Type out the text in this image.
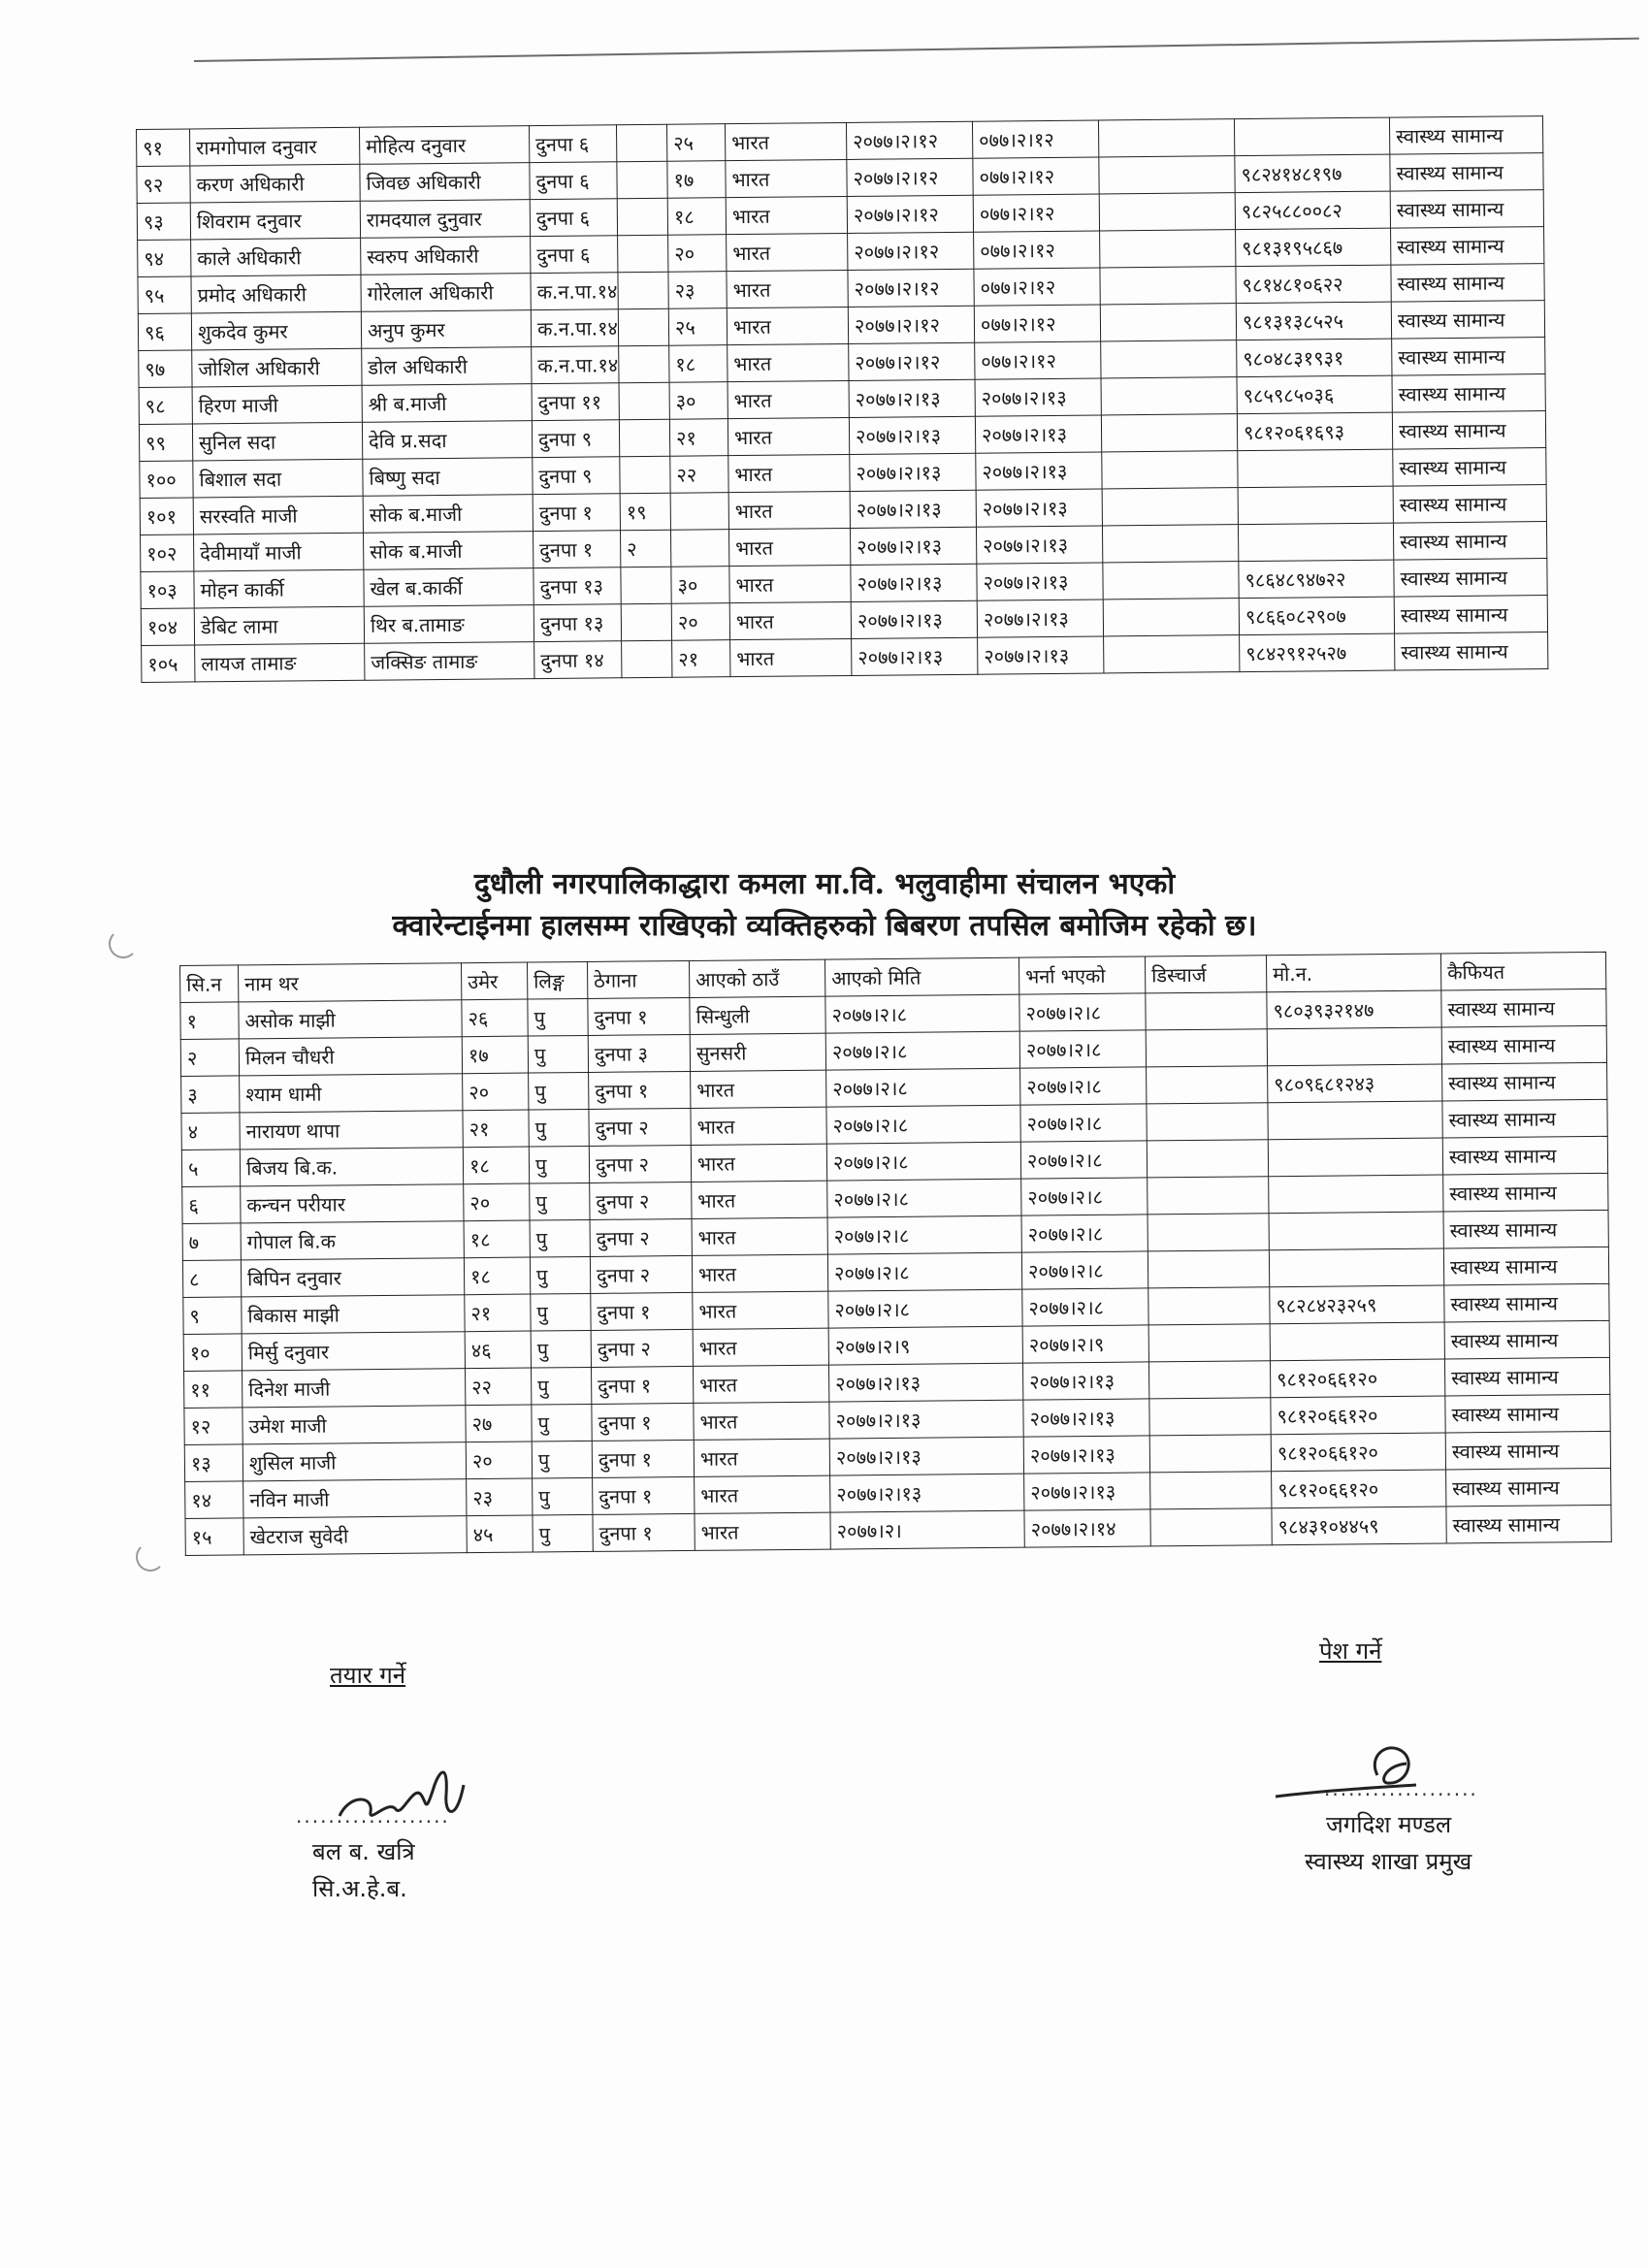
९१	रामगोपाल दनुवार	मोहित्य दनुवार	दुनपा ६		२५	भारत	२०७७।२।१२	०७७।२।१२			स्वास्थ्य सामान्य
९२	करण अधिकारी	जिवछ अधिकारी	दुनपा ६		१७	भारत	२०७७।२।१२	०७७।२।१२		९८२४१४८१९७	स्वास्थ्य सामान्य
९३	शिवराम दनुवार	रामदयाल दुनुवार	दुनपा ६		१८	भारत	२०७७।२।१२	०७७।२।१२		९८२५८८००८२	स्वास्थ्य सामान्य
९४	काले अधिकारी	स्वरुप अधिकारी	दुनपा ६		२०	भारत	२०७७।२।१२	०७७।२।१२		९८१३१९५८६७	स्वास्थ्य सामान्य
९५	प्रमोद अधिकारी	गोरेलाल अधिकारी	क.न.पा.१४		२३	भारत	२०७७।२।१२	०७७।२।१२		९८१४८१०६२२	स्वास्थ्य सामान्य
९६	शुकदेव कुमर	अनुप कुमर	क.न.पा.१४		२५	भारत	२०७७।२।१२	०७७।२।१२		९८१३१३८५२५	स्वास्थ्य सामान्य
९७	जोशिल अधिकारी	डोल अधिकारी	क.न.पा.१४		१८	भारत	२०७७।२।१२	०७७।२।१२		९८०४८३१९३१	स्वास्थ्य सामान्य
९८	हिरण माजी	श्री ब.माजी	दुनपा ११		३०	भारत	२०७७।२।१३	२०७७।२।१३		९८५९८५०३६	स्वास्थ्य सामान्य
९९	सुनिल सदा	देवि प्र.सदा	दुनपा ९		२१	भारत	२०७७।२।१३	२०७७।२।१३		९८१२०६१६९३	स्वास्थ्य सामान्य
१००	बिशाल सदा	बिष्णु सदा	दुनपा ९		२२	भारत	२०७७।२।१३	२०७७।२।१३			स्वास्थ्य सामान्य
१०१	सरस्वति माजी	सोक ब.माजी	दुनपा १	१९		भारत	२०७७।२।१३	२०७७।२।१३			स्वास्थ्य सामान्य
१०२	देवीमायाँ माजी	सोक ब.माजी	दुनपा १	२		भारत	२०७७।२।१३	२०७७।२।१३			स्वास्थ्य सामान्य
१०३	मोहन कार्की	खेल ब.कार्की	दुनपा १३		३०	भारत	२०७७।२।१३	२०७७।२।१३		९८६४८९४७२२	स्वास्थ्य सामान्य
१०४	डेबिट लामा	थिर ब.तामाङ	दुनपा १३		२०	भारत	२०७७।२।१३	२०७७।२।१३		९८६६०८२९०७	स्वास्थ्य सामान्य
१०५	लायज तामाङ	जक्सिङ तामाङ	दुनपा १४		२१	भारत	२०७७।२।१३	२०७७।२।१३		९८४२९१२५२७	स्वास्थ्य सामान्य
दुधौली नगरपालिकाद्धारा कमला मा.वि. भलुवाहीमा संचालन भएको
क्वारेन्टाईनमा हालसम्म राखिएको व्यक्तिहरुको बिबरण तपसिल बमोजिम रहेको छ।
सि.न	नाम थर	उमेर	लिङ्ग	ठेगाना	आएको ठाउँ	आएको मिति	भर्ना भएको	डिस्चार्ज	मो.न.	कैफियत
१	असोक माझी	२६	पु	दुनपा १	सिन्धुली	२०७७।२।८	२०७७।२।८		९८०३९३२१४७	स्वास्थ्य सामान्य
२	मिलन चौधरी	१७	पु	दुनपा ३	सुनसरी	२०७७।२।८	२०७७।२।८			स्वास्थ्य सामान्य
३	श्याम धामी	२०	पु	दुनपा १	भारत	२०७७।२।८	२०७७।२।८		९८०९६८१२४३	स्वास्थ्य सामान्य
४	नारायण थापा	२१	पु	दुनपा २	भारत	२०७७।२।८	२०७७।२।८			स्वास्थ्य सामान्य
५	बिजय बि.क.	१८	पु	दुनपा २	भारत	२०७७।२।८	२०७७।२।८			स्वास्थ्य सामान्य
६	कन्चन परीयार	२०	पु	दुनपा २	भारत	२०७७।२।८	२०७७।२।८			स्वास्थ्य सामान्य
७	गोपाल बि.क	१८	पु	दुनपा २	भारत	२०७७।२।८	२०७७।२।८			स्वास्थ्य सामान्य
८	बिपिन दनुवार	१८	पु	दुनपा २	भारत	२०७७।२।८	२०७७।२।८			स्वास्थ्य सामान्य
९	बिकास माझी	२१	पु	दुनपा १	भारत	२०७७।२।८	२०७७।२।८		९८२८४२३२५९	स्वास्थ्य सामान्य
१०	मिर्सु दनुवार	४६	पु	दुनपा २	भारत	२०७७।२।९	२०७७।२।९			स्वास्थ्य सामान्य
११	दिनेश माजी	२२	पु	दुनपा १	भारत	२०७७।२।१३	२०७७।२।१३		९८१२०६६१२०	स्वास्थ्य सामान्य
१२	उमेश माजी	२७	पु	दुनपा १	भारत	२०७७।२।१३	२०७७।२।१३		९८१२०६६१२०	स्वास्थ्य सामान्य
१३	शुसिल माजी	२०	पु	दुनपा १	भारत	२०७७।२।१३	२०७७।२।१३		९८१२०६६१२०	स्वास्थ्य सामान्य
१४	नविन माजी	२३	पु	दुनपा १	भारत	२०७७।२।१३	२०७७।२।१३		९८१२०६६१२०	स्वास्थ्य सामान्य
१५	खेटराज सुवेदी	४५	पु	दुनपा १	भारत	२०७७।२।	२०७७।२।१४		९८४३१०४४५९	स्वास्थ्य सामान्य
तयार गर्ने
पेश गर्ने
...................
बल ब. खत्रि
सि.अ.हे.ब.
...................
जगदिश मण्डल
स्वास्थ्य शाखा प्रमुख
